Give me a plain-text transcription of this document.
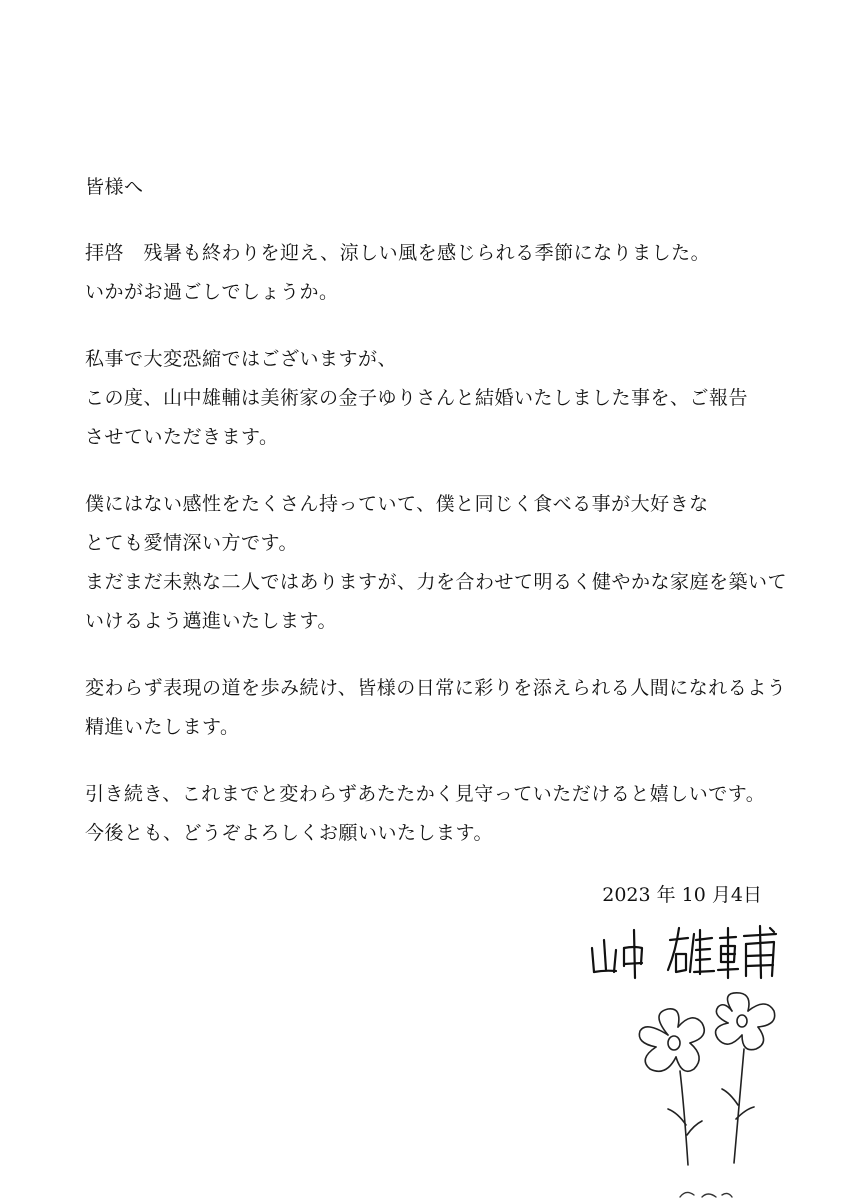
皆様へ

拝啓　残暑も終わりを迎え、涼しい風を感じられる季節になりました。

いかがお過ごしでしょうか。

私事で大変恐縮ではございますが、

この度、山中雄輔は美術家の金子ゆりさんと結婚いたしました事を、ご報告

させていただきます。

僕にはない感性をたくさん持っていて、僕と同じく食べる事が大好きな

とても愛情深い方です。

まだまだ未熟な二人ではありますが、力を合わせて明るく健やかな家庭を築いて

いけるよう邁進いたします。

変わらず表現の道を歩み続け、皆様の日常に彩りを添えられる人間になれるよう

精進いたします。

引き続き、これまでと変わらずあたたかく見守っていただけると嬉しいです。

今後とも、どうぞよろしくお願いいたします。

2023 年 10 月4日
